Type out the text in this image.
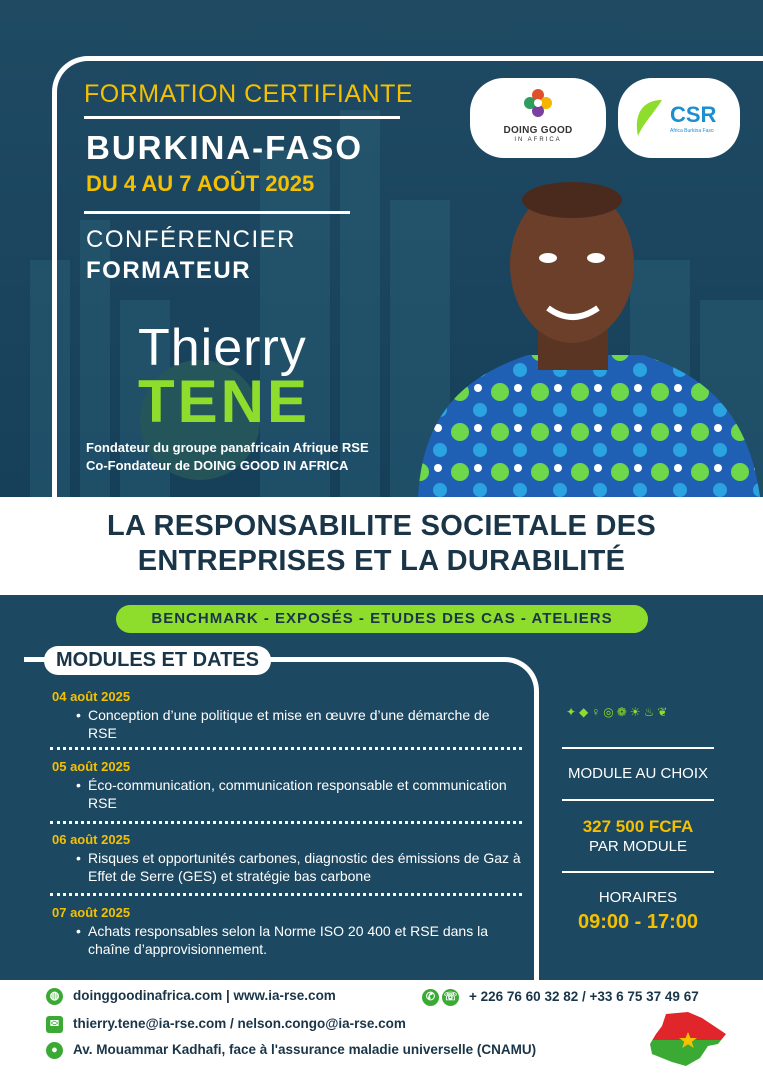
FORMATION CERTIFIANTE
BURKINA-FASO
DU 4 AU 7 AOÛT 2025
CONFÉRENCIER
FORMATEUR
Thierry
TENE
Fondateur du groupe panafricain Afrique RSE
Co-Fondateur de DOING GOOD IN AFRICA
DOING GOOD
IN AFRICA
CSR
Africa Burkina Faso
LA RESPONSABILITE SOCIETALE DES
ENTREPRISES ET LA DURABILITÉ
BENCHMARK - EXPOSÉS - ETUDES DES CAS - ATELIERS
MODULES ET DATES
04 août 2025
• Conception d’une politique et mise en œuvre d’une démarche de RSE
05 août 2025
• Éco-communication, communication responsable et communication RSE
06 août 2025
• Risques et opportunités carbones, diagnostic des émissions de Gaz à Effet de Serre (GES) et stratégie bas carbone
07 août 2025
• Achats responsables selon la Norme ISO 20 400 et RSE dans la chaîne d’approvisionnement.
✦◆♀◎❁☀♨❦
MODULE AU CHOIX
327 500 FCFA
PAR MODULE
HORAIRES
09:00 - 17:00
◍ doinggoodinafrica.com | www.ia-rse.com	✆ ☏ + 226 76 60 32 82 / +33 6 75 37 49 67
✉ thierry.tene@ia-rse.com / nelson.congo@ia-rse.com
● Av. Mouammar Kadhafi, face à l'assurance maladie universelle (CNAMU)
